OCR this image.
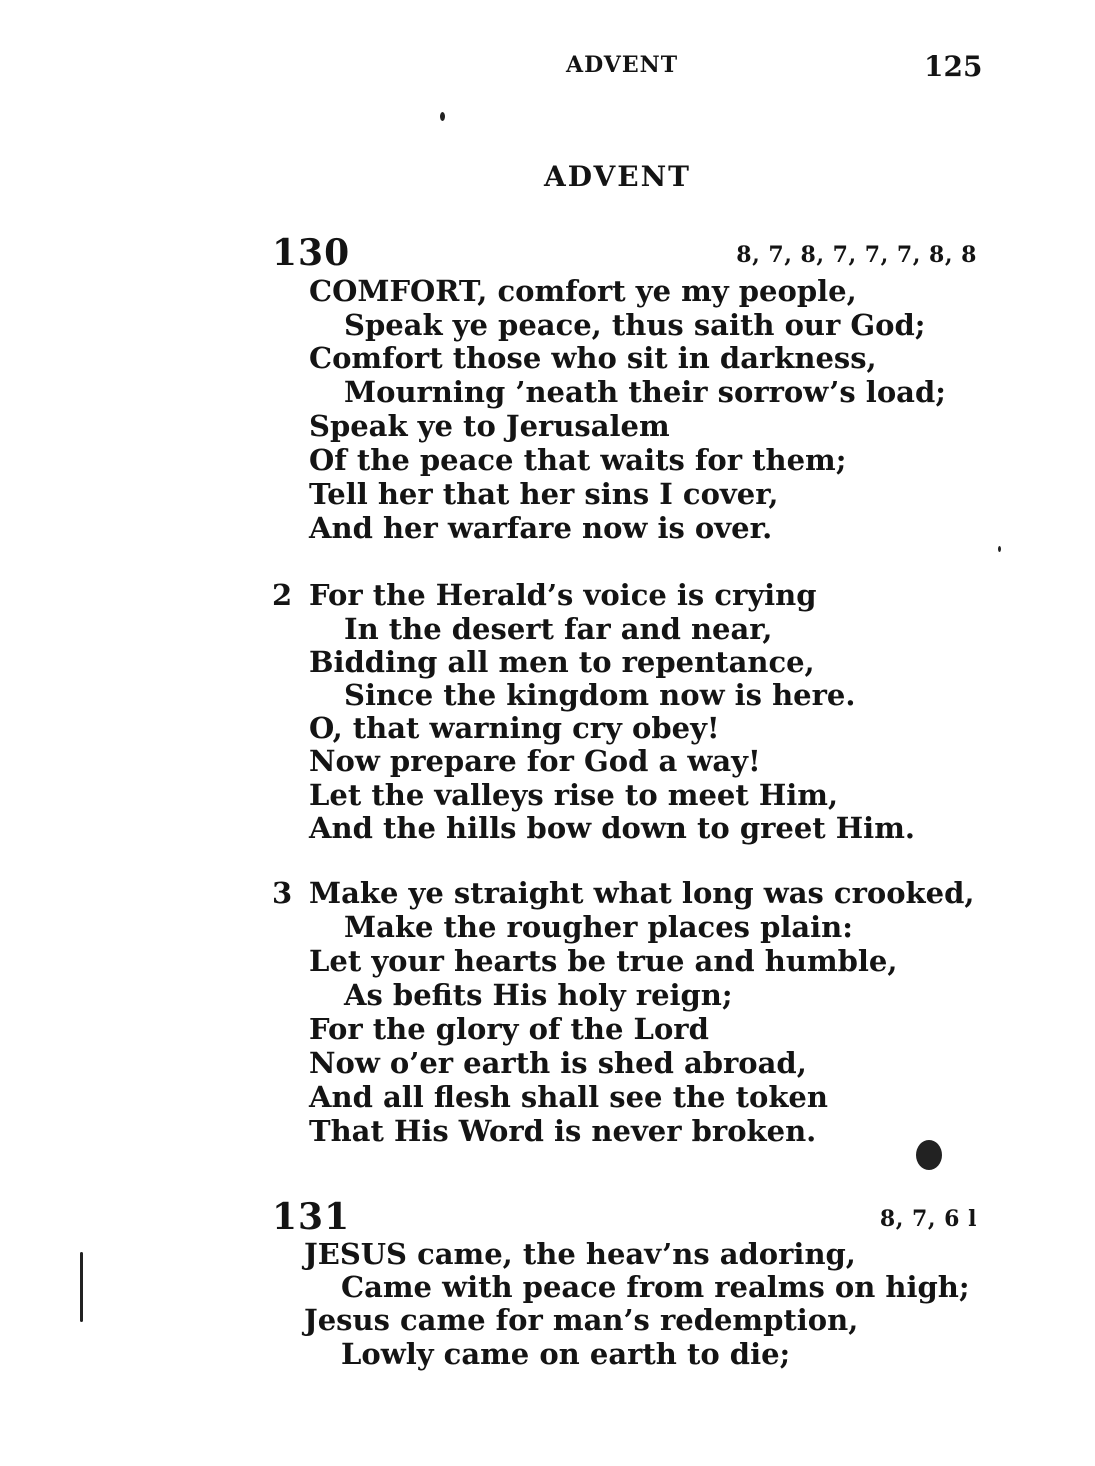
ADVENT	125
ADVENT
130	8, 7, 8, 7, 7, 7, 8, 8
COMFORT, comfort ye my people,
Speak ye peace, thus saith our God;
Comfort those who sit in darkness,
Mourning ’neath their sorrow’s load;
Speak ye to Jerusalem
Of the peace that waits for them;
Tell her that her sins I cover,
And her warfare now is over.
2 For the Herald’s voice is crying
In the desert far and near,
Bidding all men to repentance,
Since the kingdom now is here.
O, that warning cry obey!
Now prepare for God a way!
Let the valleys rise to meet Him,
And the hills bow down to greet Him.
3 Make ye straight what long was crooked,
Make the rougher places plain:
Let your hearts be true and humble,
As befits His holy reign;
For the glory of the Lord
Now o’er earth is shed abroad,
And all flesh shall see the token
That His Word is never broken.
131	8, 7, 6 l
JESUS came, the heav’ns adoring,
Came with peace from realms on high;
Jesus came for man’s redemption,
Lowly came on earth to die;
